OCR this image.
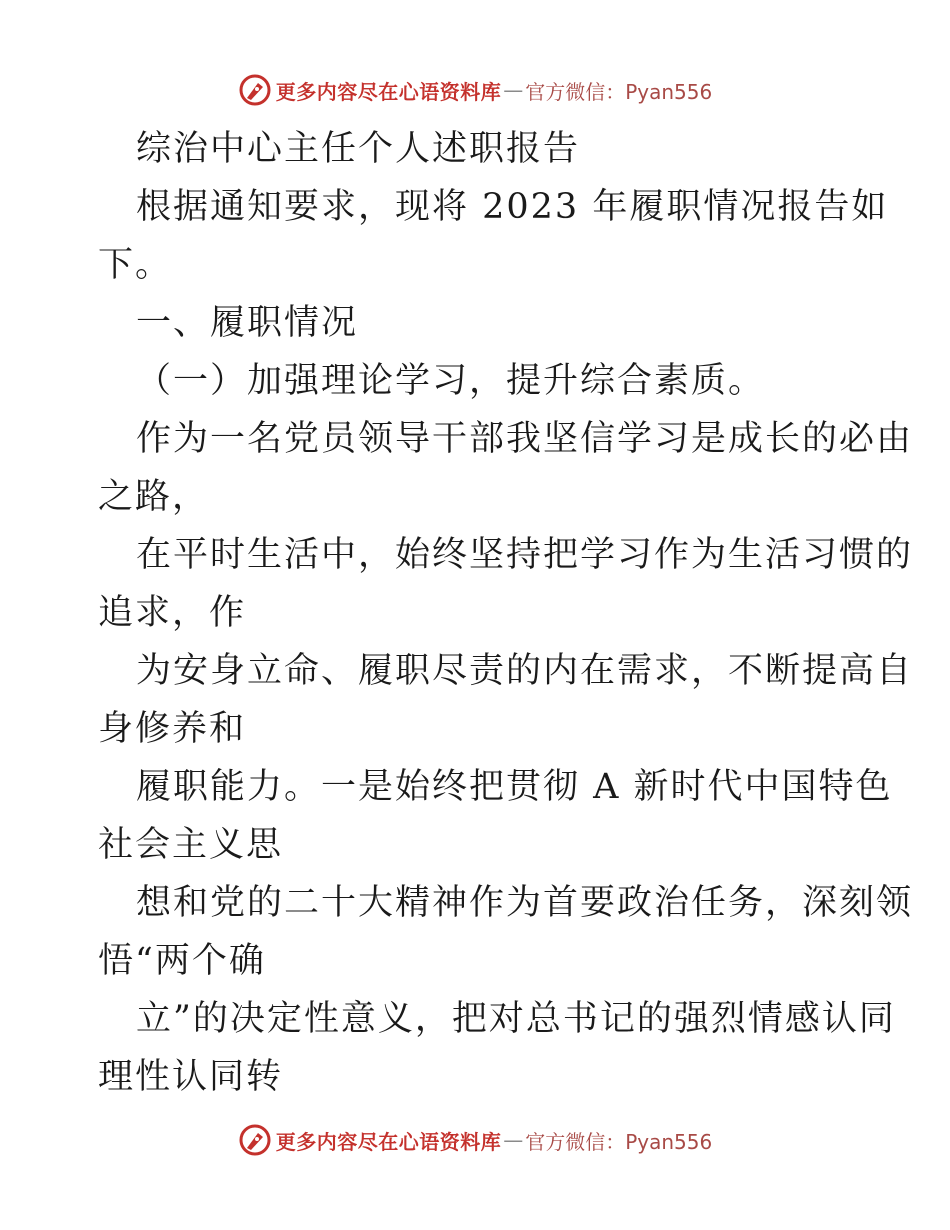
更多内容尽在心语资料库 — 官方微信：Pyan556
综治中心主任个人述职报告
根据通知要求，现将 2023 年履职情况报告如
下。
一、履职情况
（一）加强理论学习，提升综合素质。
作为一名党员领导干部我坚信学习是成长的必由
之路，
在平时生活中，始终坚持把学习作为生活习惯的
追求，作
为安身立命、履职尽责的内在需求，不断提高自
身修养和
履职能力。一是始终把贯彻 A 新时代中国特色
社会主义思
想和党的二十大精神作为首要政治任务，深刻领
悟“两个确
立”的决定性意义，把对总书记的强烈情感认同
理性认同转
更多内容尽在心语资料库 — 官方微信：Pyan556
